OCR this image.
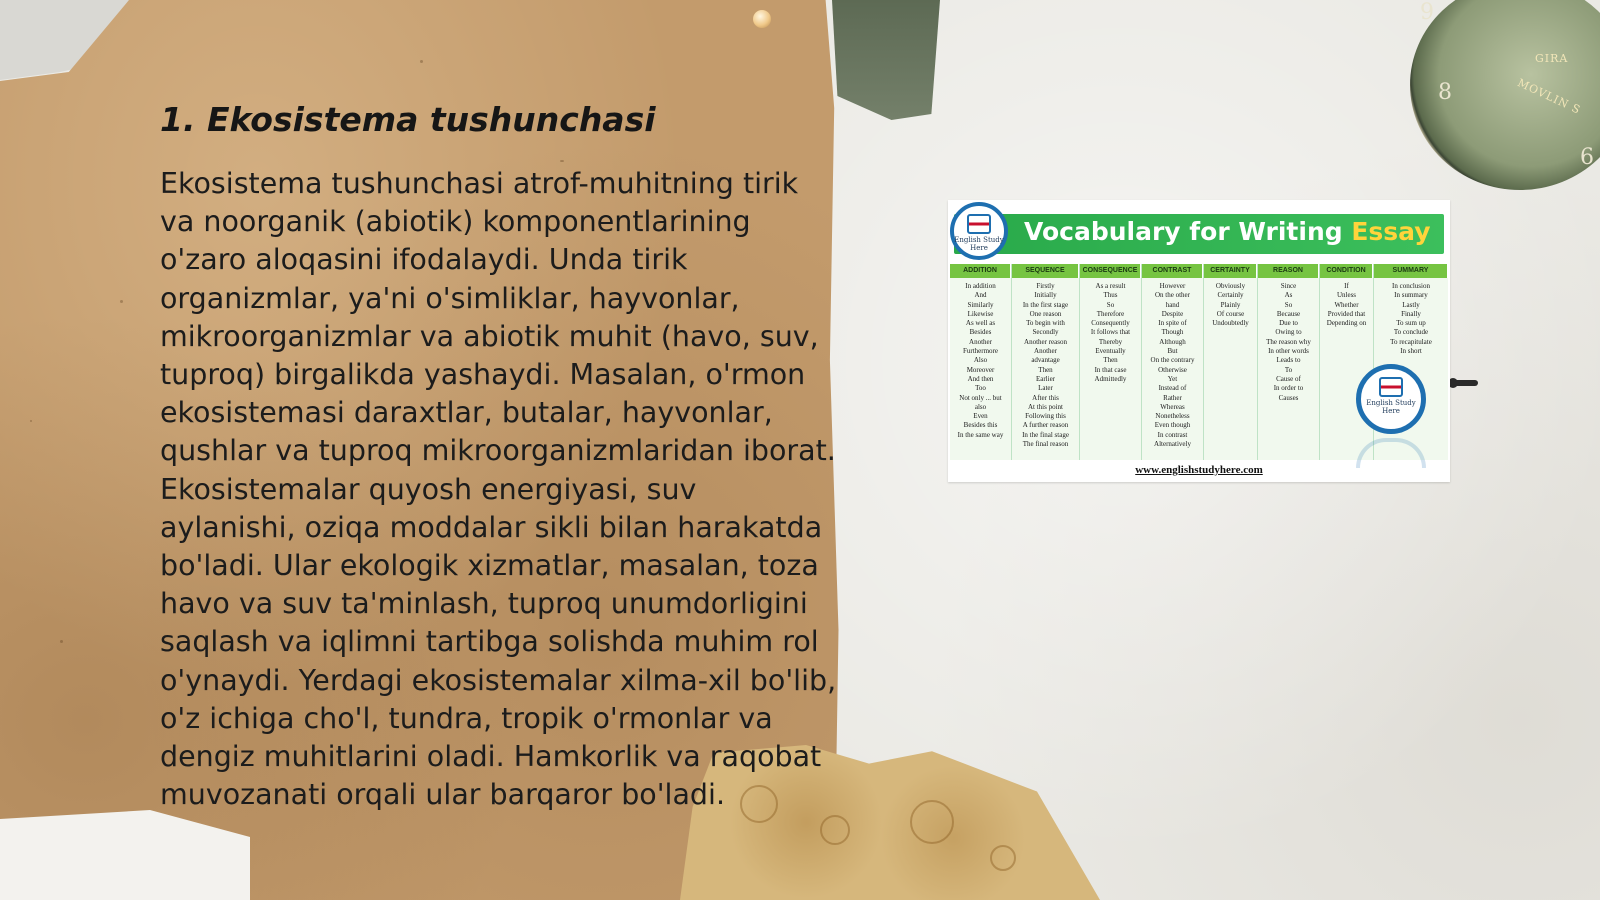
9
8
6
GIRA
MOVLIN S
1. Ekosistema tushunchasi

Ekosistema tushunchasi atrof-muhitning tirik va noorganik (abiotik) komponentlarining o'zaro aloqasini ifodalaydi. Unda tirik organizmlar, ya'ni o'simliklar, hayvonlar, mikroorganizmlar va abiotik muhit (havo, suv, tuproq) birgalikda yashaydi. Masalan, o'rmon ekosistemasi daraxtlar, butalar, hayvonlar, qushlar va tuproq mikroorganizmlaridan iborat. Ekosistemalar quyosh energiyasi, suv aylanishi, oziqa moddalar sikli bilan harakatda bo'ladi. Ular ekologik xizmatlar, masalan, toza havo va suv ta'minlash, tuproq unumdorligini saqlash va iqlimni tartibga solishda muhim rol o'ynaydi. Yerdagi ekosistemalar xilma-xil bo'lib, o'z ichiga cho'l, tundra, tropik o'rmonlar va dengiz muhitlarini oladi. Hamkorlik va raqobat muvozanati orqali ular barqaror bo'ladi.

Vocabulary for Writing Essay
English Study Here
ADDITION
In addition
And
Similarly
Likewise
As well as
Besides
Another
Furthermore
Also
Moreover
And then
Too
Not only ... but
also
Even
Besides this
In the same way
SEQUENCE
Firstly
Initially
In the first stage
One reason
To begin with
Secondly
Another reason
Another
advantage
Then
Earlier
Later
After this
At this point
Following this
A further reason
In the final stage
The final reason
CONSEQUENCE
As a result
Thus
So
Therefore
Consequently
It follows that
Thereby
Eventually
Then
In that case
Admittedly
CONTRAST
However
On the other
hand
Despite
In spite of
Though
Although
But
On the contrary
Otherwise
Yet
Instead of
Rather
Whereas
Nonetheless
Even though
In contrast
Alternatively
CERTAINTY
Obviously
Certainly
Plainly
Of course
Undoubtedly
REASON
Since
As
So
Because
Due to
Owing to
The reason why
In other words
Leads to
To
Cause of
In order to
Causes
CONDITION
If
Unless
Whether
Provided that
Depending on
SUMMARY
In conclusion
In summary
Lastly
Finally
To sum up
To conclude
To recapitulate
In short
English Study Here
www.englishstudyhere.com
